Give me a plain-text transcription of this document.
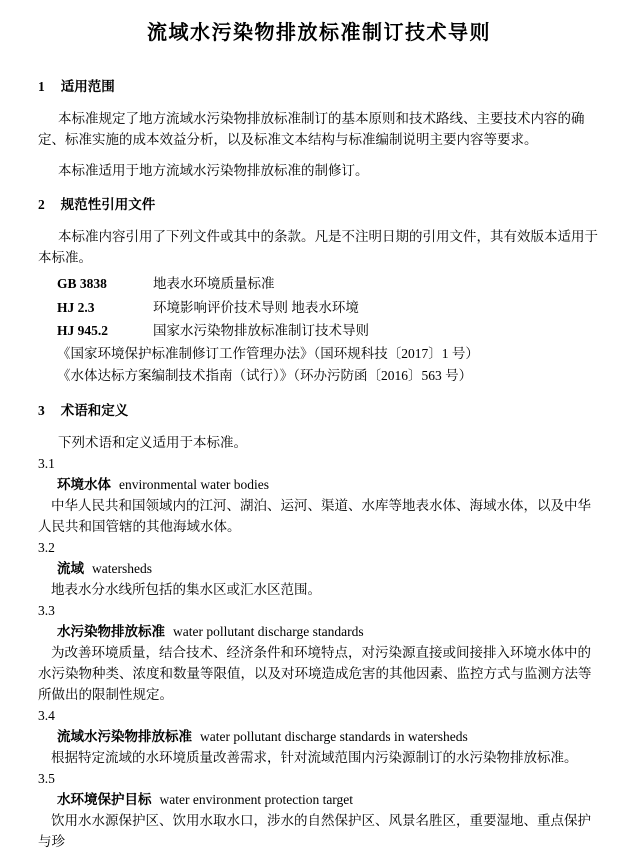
流域水污染物排放标准制订技术导则
1 适用范围

本标准规定了地方流域水污染物排放标准制订的基本原则和技术路线、主要技术内容的确定、标准实施的成本效益分析，以及标准文本结构与标准编制说明主要内容等要求。

本标准适用于地方流域水污染物排放标准的制修订。

2 规范性引用文件

本标准内容引用了下列文件或其中的条款。凡是不注明日期的引用文件，其有效版本适用于本标准。

GB 3838	地表水环境质量标准
HJ 2.3	环境影响评价技术导则 地表水环境
HJ 945.2	国家水污染物排放标准制订技术导则
《国家环境保护标准制修订工作管理办法》（国环规科技〔2017〕1 号）
《水体达标方案编制技术指南（试行）》（环办污防函〔2016〕563 号）
3 术语和定义

下列术语和定义适用于本标准。

3.1
环境水体 environmental water bodies
中华人民共和国领域内的江河、湖泊、运河、渠道、水库等地表水体、海域水体，以及中华人民共和国管辖的其他海域水体。
3.2
流域 watersheds
地表水分水线所包括的集水区或汇水区范围。
3.3
水污染物排放标准 water pollutant discharge standards
为改善环境质量，结合技术、经济条件和环境特点，对污染源直接或间接排入环境水体中的水污染物种类、浓度和数量等限值，以及对环境造成危害的其他因素、监控方式与监测方法等所做出的限制性规定。
3.4
流域水污染物排放标准 water pollutant discharge standards in watersheds
根据特定流域的水环境质量改善需求，针对流域范围内污染源制订的水污染物排放标准。
3.5
水环境保护目标 water environment protection target
饮用水水源保护区、饮用水取水口，涉水的自然保护区、风景名胜区，重要湿地、重点保护与珍
